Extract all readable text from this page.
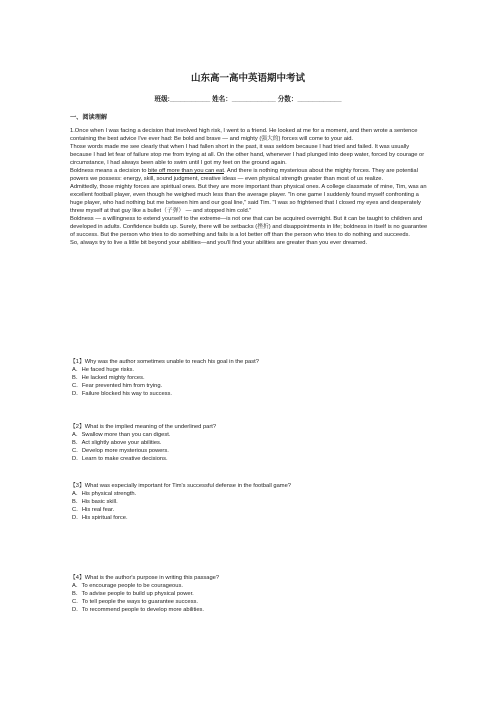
山东高一高中英语期中考试
班级:___________ 姓名：____________ 分数：____________
一、阅读理解

1.Once when I was facing a decision that involved high risk, I went to a friend. He looked at me for a moment, and then wrote a sentence containing the best advice I've ever had: Be bold and brave — and mighty (强大的) forces will come to your aid.

Those words made me see clearly that when I had fallen short in the past, it was seldom because I had tried and failed. It was usually because I had let fear of failure stop me from trying at all. On the other hand, whenever I had plunged into deep water, forced by courage or circumstance, I had always been able to swim until I got my feet on the ground again.

Boldness means a decision to bite off more than you can eat. And there is nothing mysterious about the mighty forces. They are potential powers we possess: energy, skill, sound judgment, creative ideas — even physical strength greater than most of us realize.

Admittedly, those mighty forces are spiritual ones. But they are more important than physical ones. A college classmate of mine, Tim, was an excellent football player, even though he weighed much less than the average player. "In one game I suddenly found myself confronting a huge player, who had nothing but me between him and our goal line," said Tim. "I was so frightened that I closed my eyes and desperately threw myself at that guy like a bullet（子弹） — and stopped him cold."

Boldness — a willingness to extend yourself to the extreme—is not one that can be acquired overnight. But it can be taught to children and developed in adults. Confidence builds up. Surely, there will be setbacks (挫折) and disappointments in life; boldness in itself is no guarantee of success. But the person who tries to do something and fails is a lot better off than the person who tries to do nothing and succeeds.

So, always try to live a little bit beyond your abilities—and you'll find your abilities are greater than you ever dreamed.

【1】Why was the author sometimes unable to reach his goal in the past?
A．He faced huge risks.
B．He lacked mighty forces.
C．Fear prevented him from trying.
D．Failure blocked his way to success.
【2】What is the implied meaning of the underlined part?
A．Swallow more than you can digest.
B．Act slightly above your abilities.
C．Develop more mysterious powers.
D．Learn to make creative decisions.
【3】What was especially important for Tim's successful defense in the football game?
A．His physical strength.
B．His basic skill.
C．His real fear.
D．His spiritual force.
【4】What is the author's purpose in writing this passage?
A．To encourage people to be courageous.
B．To advise people to build up physical power.
C．To tell people the ways to guarantee success.
D．To recommend people to develop more abilities.
